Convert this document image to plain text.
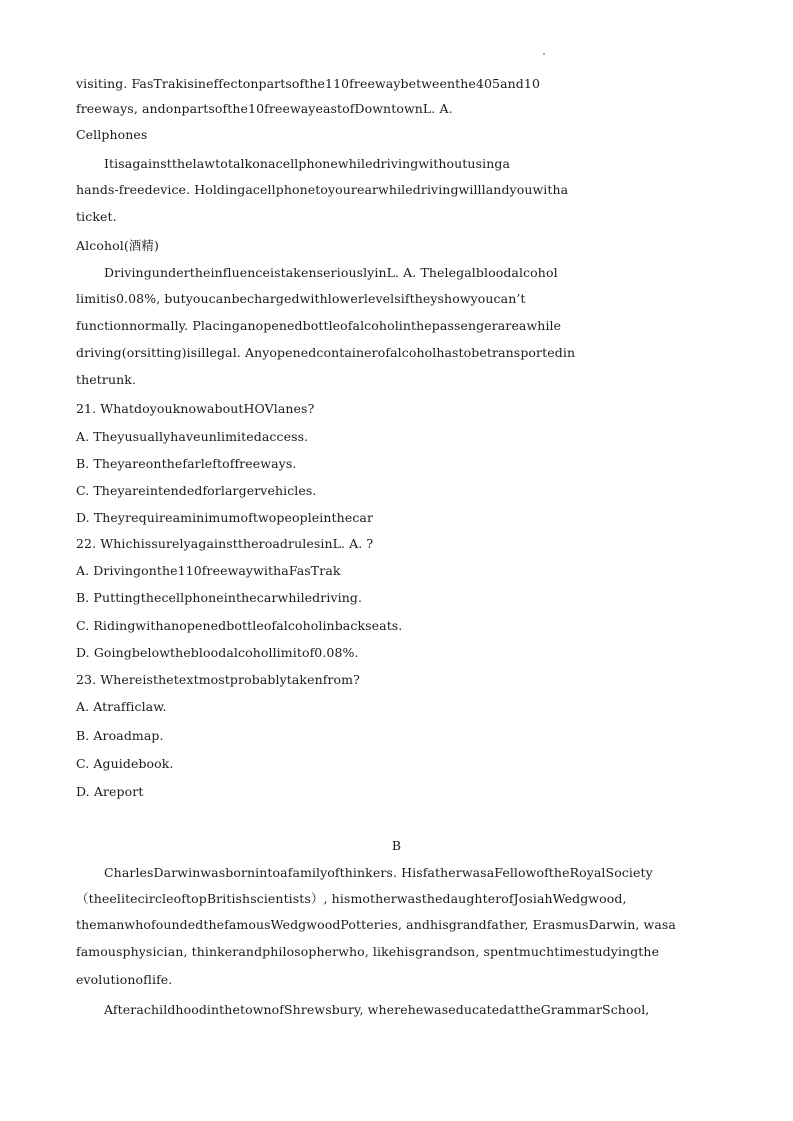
visiting. FasTrakisineffectonpartsofthe110freewaybetweenthe405and10
freeways, andonpartsofthe10freewayeastofDowntownL. A.
Cellphones
Itisagainstthelawtotalkonacellphonewhiledrivingwithoutusinga
hands-freedevice. Holdingacellphonetoyourearwhiledrivingwilllandyouwitha
ticket.
Alcohol(酒精)
DrivingundertheinfluenceistakenseriouslyinL. A. Thelegalbloodalcohol
limitis0.08%, butyoucanbechargedwithlowerlevelsiftheyshowyoucan’t
functionnormally. Placinganopenedbottleofalcoholinthepassengerareawhile
driving(orsitting)isillegal. Anyopenedcontainerofalcoholhastobetransportedin
thetrunk.
21. WhatdoyouknowaboutHOVlanes?
A. Theyusuallyhaveunlimitedaccess.
B. Theyareonthefarleftoffreeways.
C. Theyareintendedforlargervehicles.
D. Theyrequireaminimumoftwopeopleinthecar
22. WhichissurelyagainsttheroadrulesinL. A. ?
A. Drivingonthe110freewaywithaFasTrak
B. Puttingthecellphoneinthecarwhiledriving.
C. Ridingwithanopenedbottleofalcoholinbackseats.
D. Goingbelowthebloodalcohollimitof0.08%.
23. Whereisthetextmostprobablytakenfrom?
A. Atrafficlaw.
B. Aroadmap.
C. Aguidebook.
D. Areport
B
CharlesDarwinwasbornintoafamilyofthinkers. HisfatherwasaFellowoftheRoyalSociety
（theelitecircleoftopBritishscientists）, hismotherwasthedaughterofJosiahWedgwood,
themanwhofoundedthefamousWedgwoodPotteries, andhisgrandfather, ErasmusDarwin, wasa
famousphysician, thinkerandphilosopherwho, likehisgrandson, spentmuchtimestudyingthe
evolutionoflife.
AfterachildhoodinthetownofShrewsbury, wherehewaseducatedattheGrammarSchool,
